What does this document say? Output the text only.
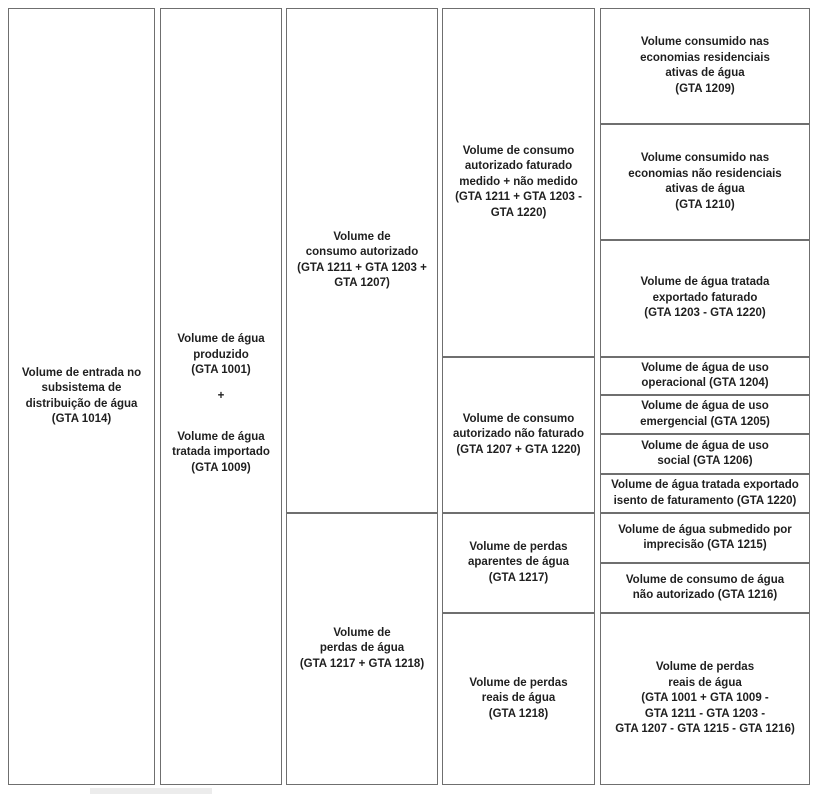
Volume de entrada no
subsistema de
distribuição de água
(GTA 1014)

Volume de água
produzido
(GTA 1001)

+

Volume de água
tratada importado
(GTA 1009)

Volume de
consumo autorizado
(GTA 1211 + GTA 1203 +
GTA 1207)
Volume de
perdas de água
(GTA 1217 + GTA 1218)
Volume de consumo
autorizado faturado
medido + não medido
(GTA 1211 + GTA 1203 -
GTA 1220)
Volume de consumo
autorizado não faturado
(GTA 1207 + GTA 1220)
Volume de perdas
aparentes de água
(GTA 1217)
Volume de perdas
reais de água
(GTA 1218)
Volume consumido nas
economias residenciais
ativas de água
(GTA 1209)
Volume consumido nas
economias não residenciais
ativas de água
(GTA 1210)
Volume de água tratada
exportado faturado
(GTA 1203 - GTA 1220)
Volume de água de uso
operacional (GTA 1204)
Volume de água de uso
emergencial (GTA 1205)
Volume de água de uso
social (GTA 1206)
Volume de água tratada exportado
isento de faturamento (GTA 1220)
Volume de água submedido por
imprecisão (GTA 1215)
Volume de consumo de água
não autorizado (GTA 1216)
Volume de perdas
reais de água
(GTA 1001 + GTA 1009 -
GTA 1211 - GTA 1203 -
GTA 1207 - GTA 1215 - GTA 1216)
